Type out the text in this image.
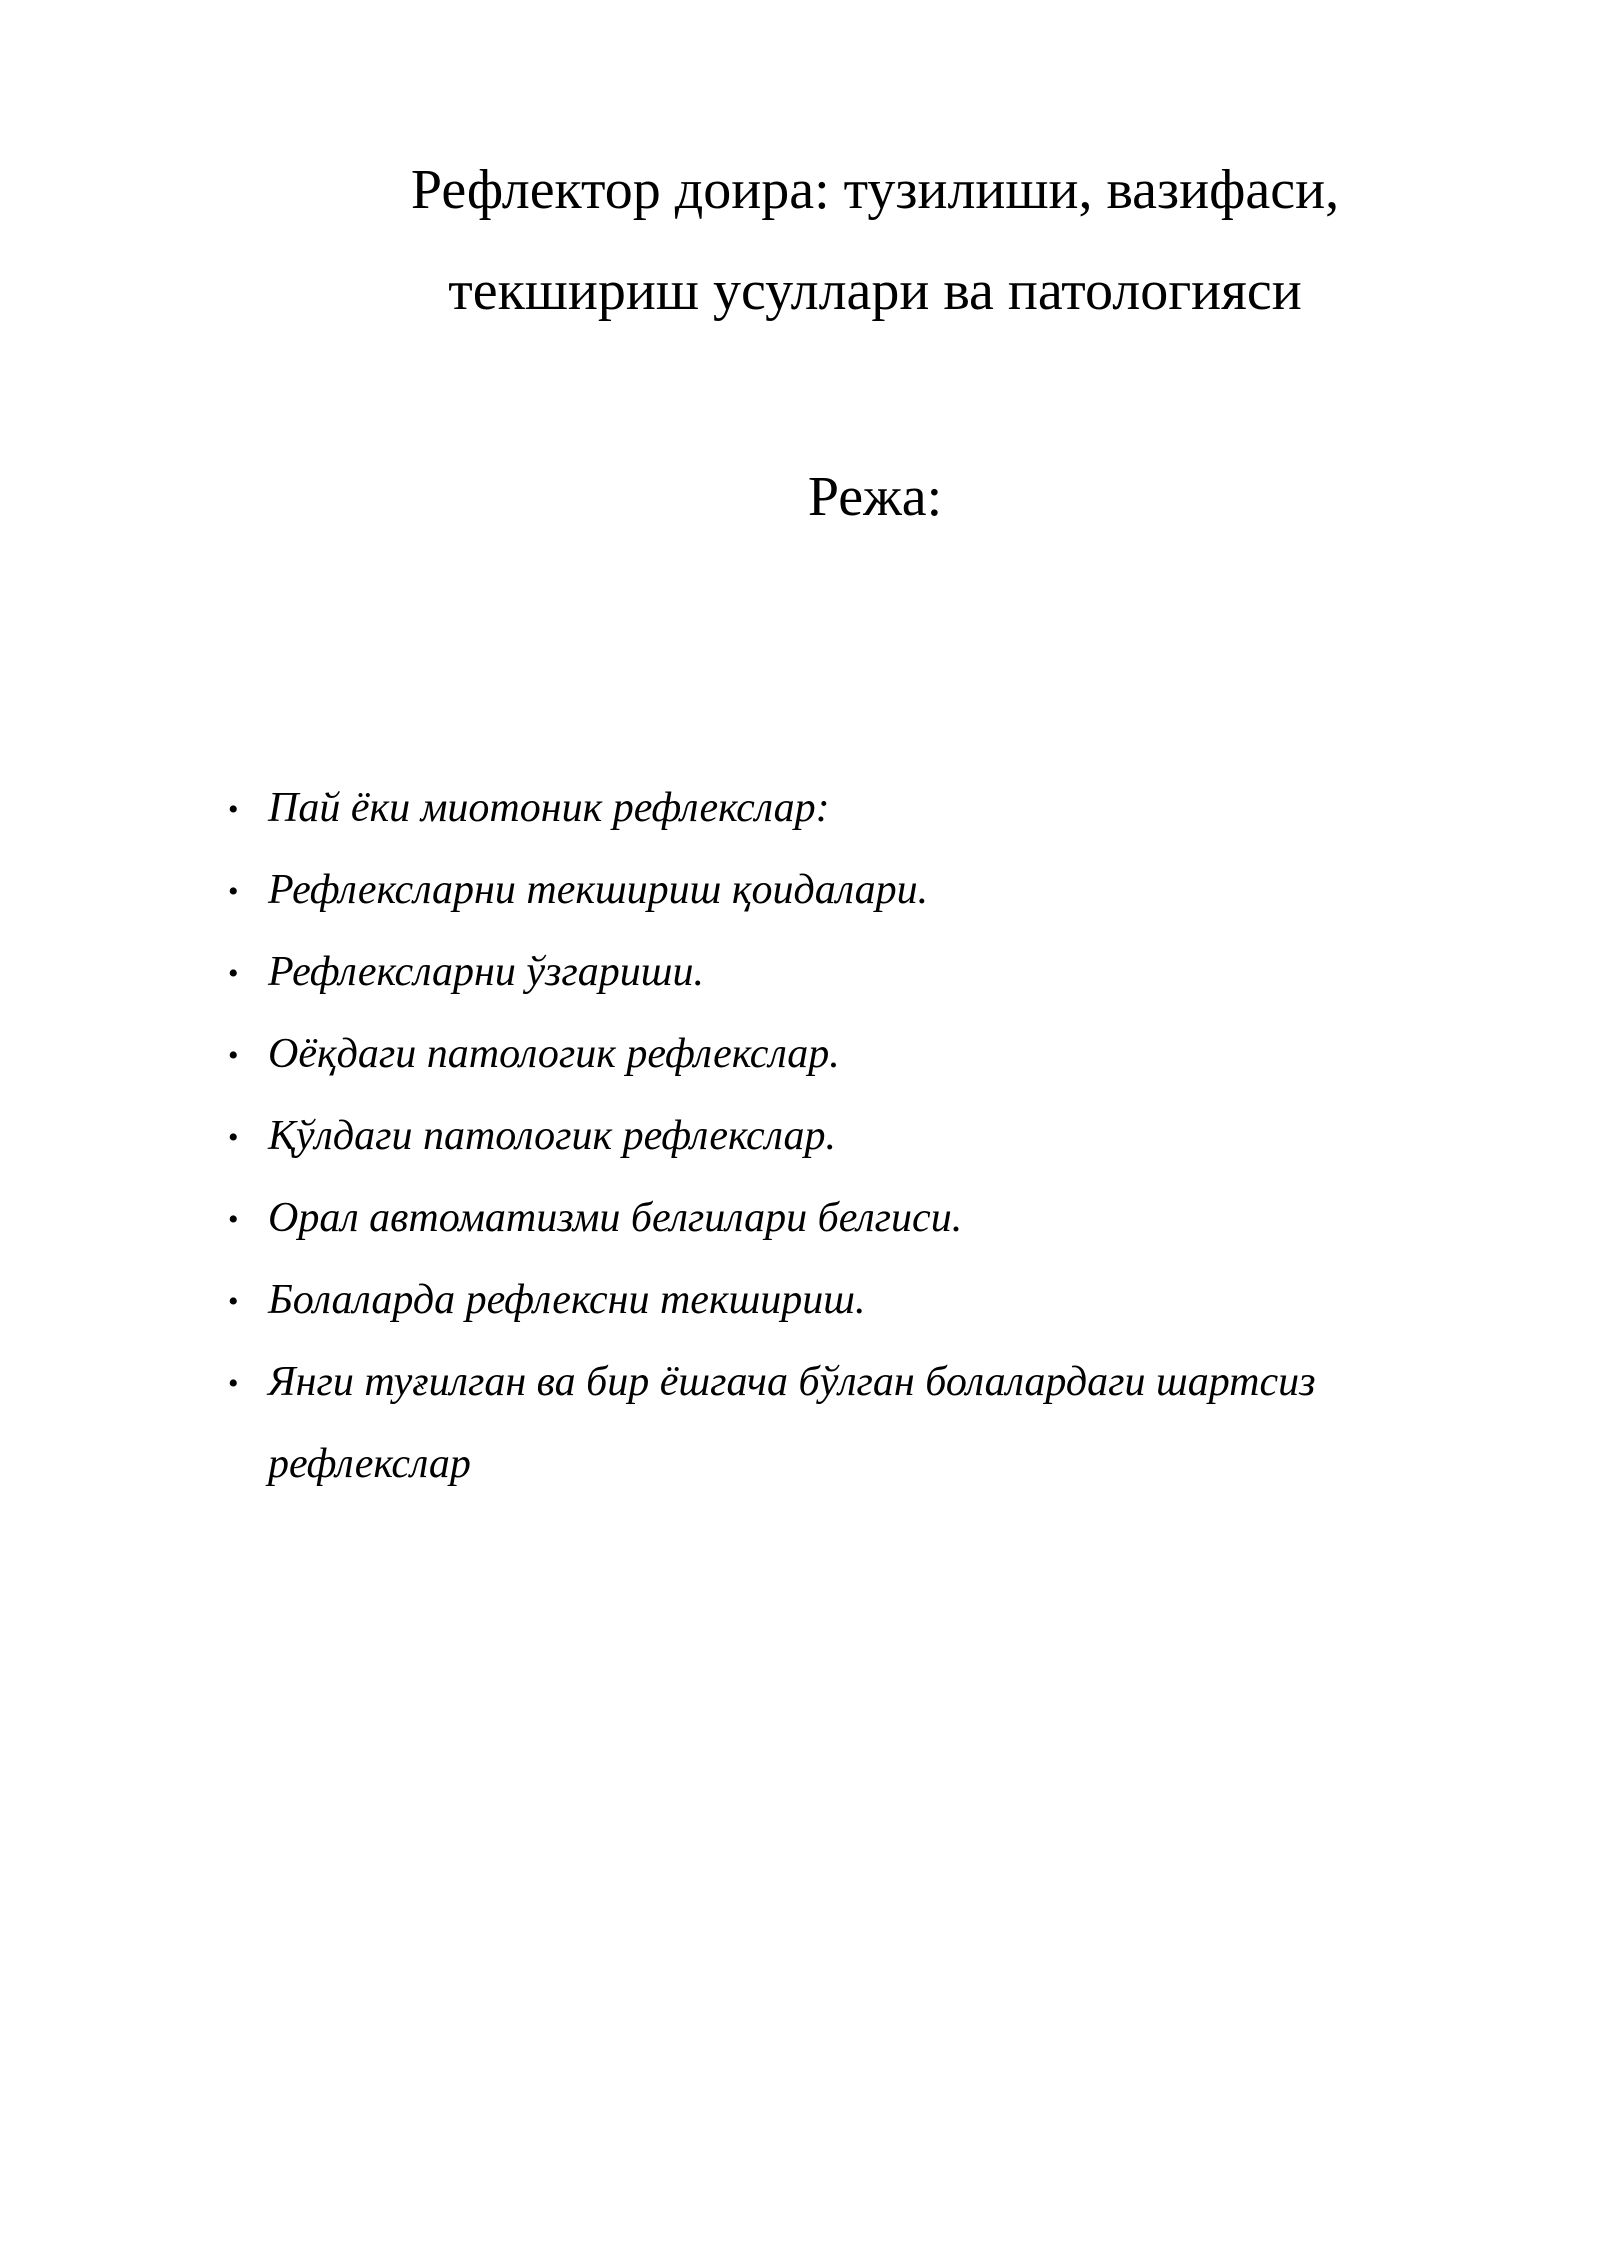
Рефлектор доира: тузилиши, вазифаси,
текшириш усуллари ва патологияси
Режа:
• Пай ёки миотоник рефлекслар:
• Рефлексларни текшириш қоидалари.
• Рефлексларни ўзгариши.
• Оёқдаги патологик рефлекслар.
• Қўлдаги патологик рефлекслар.
• Орал автоматизми белгилари белгиси.
• Болаларда рефлексни текшириш.
• Янги туғилган ва бир ёшгача бўлган болалардаги шартсиз рефлекслар
